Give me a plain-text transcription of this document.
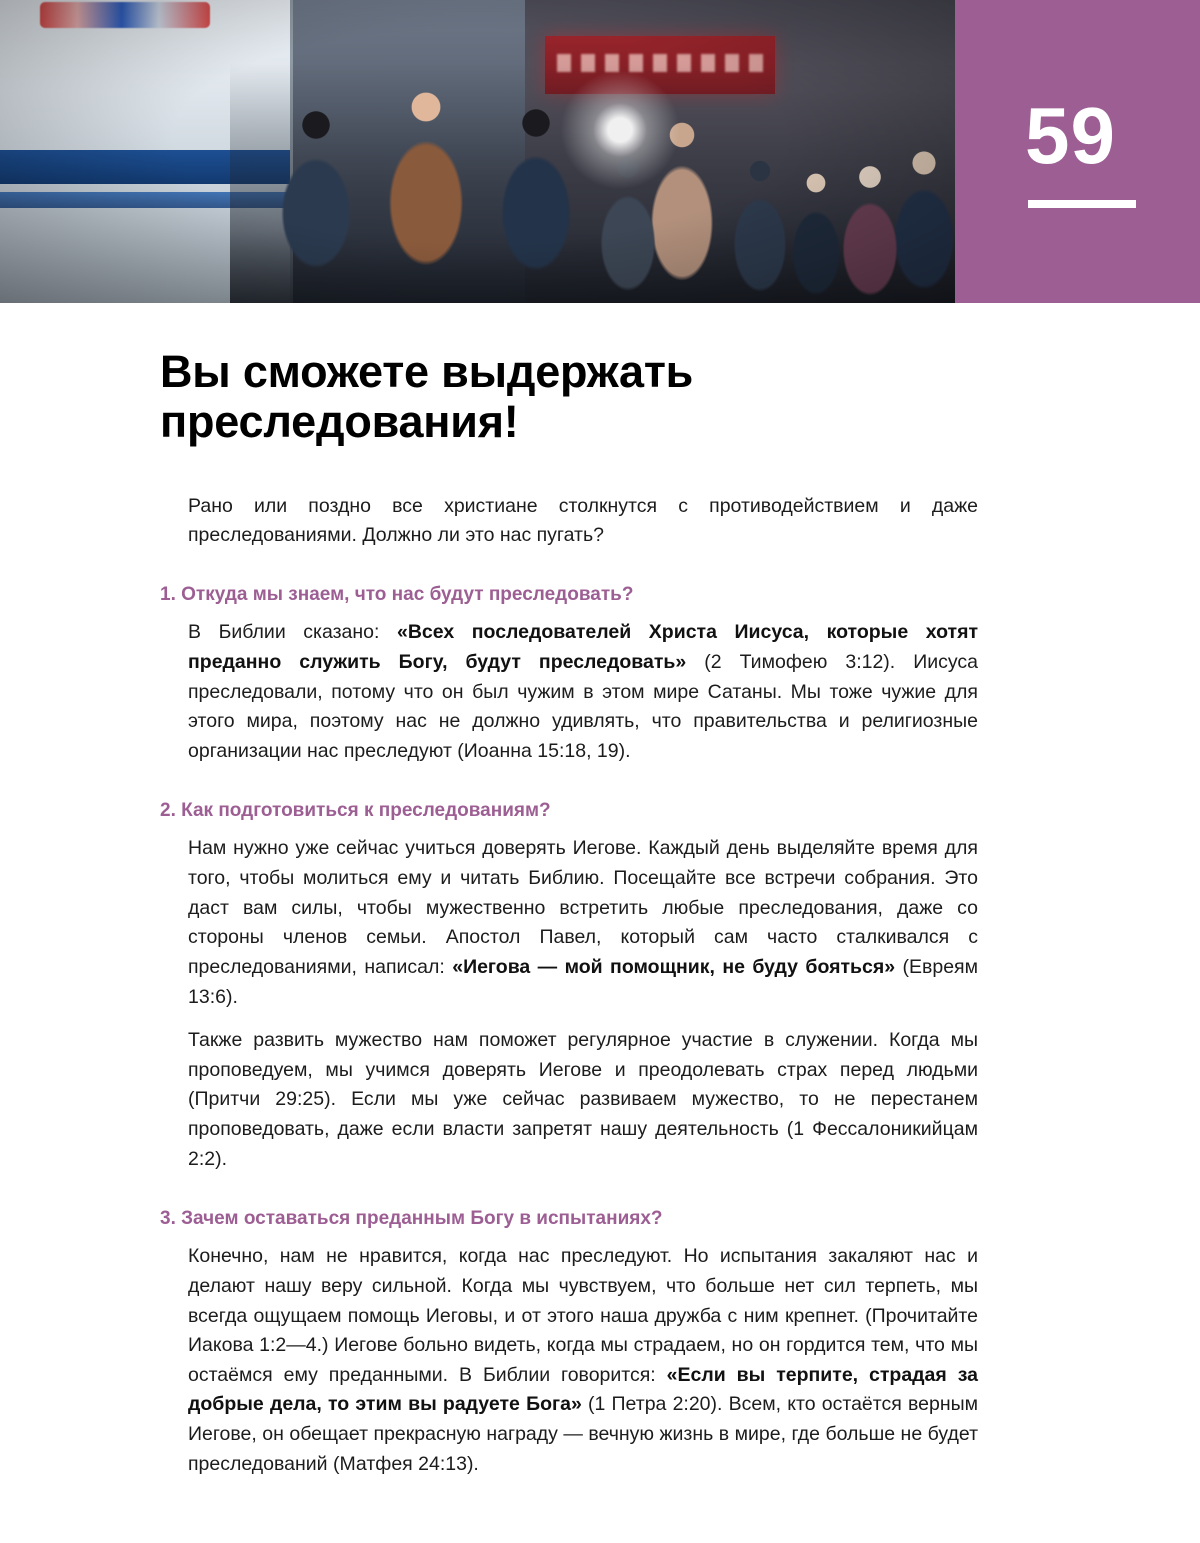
59
Вы сможете выдержать преследования!

Рано или поздно все христиане столкнутся с противодействием и даже преследованиями. Должно ли это нас пугать?

1. Откуда мы знаем, что нас будут преследовать?

В Библии сказано: «Всех последователей Христа Иисуса, которые хотят преданно служить Богу, будут преследовать» (2 Тимофею 3:12). Иисуса преследовали, потому что он был чужим в этом мире Сатаны. Мы тоже чужие для этого мира, поэтому нас не должно удивлять, что правительства и религиозные организации нас преследуют (Иоанна 15:18, 19).

2. Как подготовиться к преследованиям?

Нам нужно уже сейчас учиться доверять Иегове. Каждый день выделяйте время для того, чтобы молиться ему и читать Библию. Посещайте все встречи собрания. Это даст вам силы, чтобы мужественно встретить любые преследования, даже со стороны членов семьи. Апостол Павел, который сам часто сталкивался с преследованиями, написал: «Иегова — мой помощник, не буду бояться» (Евреям 13:6).

Также развить мужество нам поможет регулярное участие в служении. Когда мы проповедуем, мы учимся доверять Иегове и преодолевать страх перед людьми (Притчи 29:25). Если мы уже сейчас развиваем мужество, то не перестанем проповедовать, даже если власти запретят нашу деятельность (1 Фессалоникийцам 2:2).

3. Зачем оставаться преданным Богу в испытаниях?

Конечно, нам не нравится, когда нас преследуют. Но испытания закаляют нас и делают нашу веру сильной. Когда мы чувствуем, что больше нет сил терпеть, мы всегда ощущаем помощь Иеговы, и от этого наша дружба с ним крепнет. (Прочитайте Иакова 1:2—4.) Иегове больно видеть, когда мы страдаем, но он гордится тем, что мы остаёмся ему преданными. В Библии говорится: «Если вы терпите, страдая за добрые дела, то этим вы радуете Бога» (1 Петра 2:20). Всем, кто остаётся верным Иегове, он обещает прекрасную награду — вечную жизнь в мире, где больше не будет преследований (Матфея 24:13).
